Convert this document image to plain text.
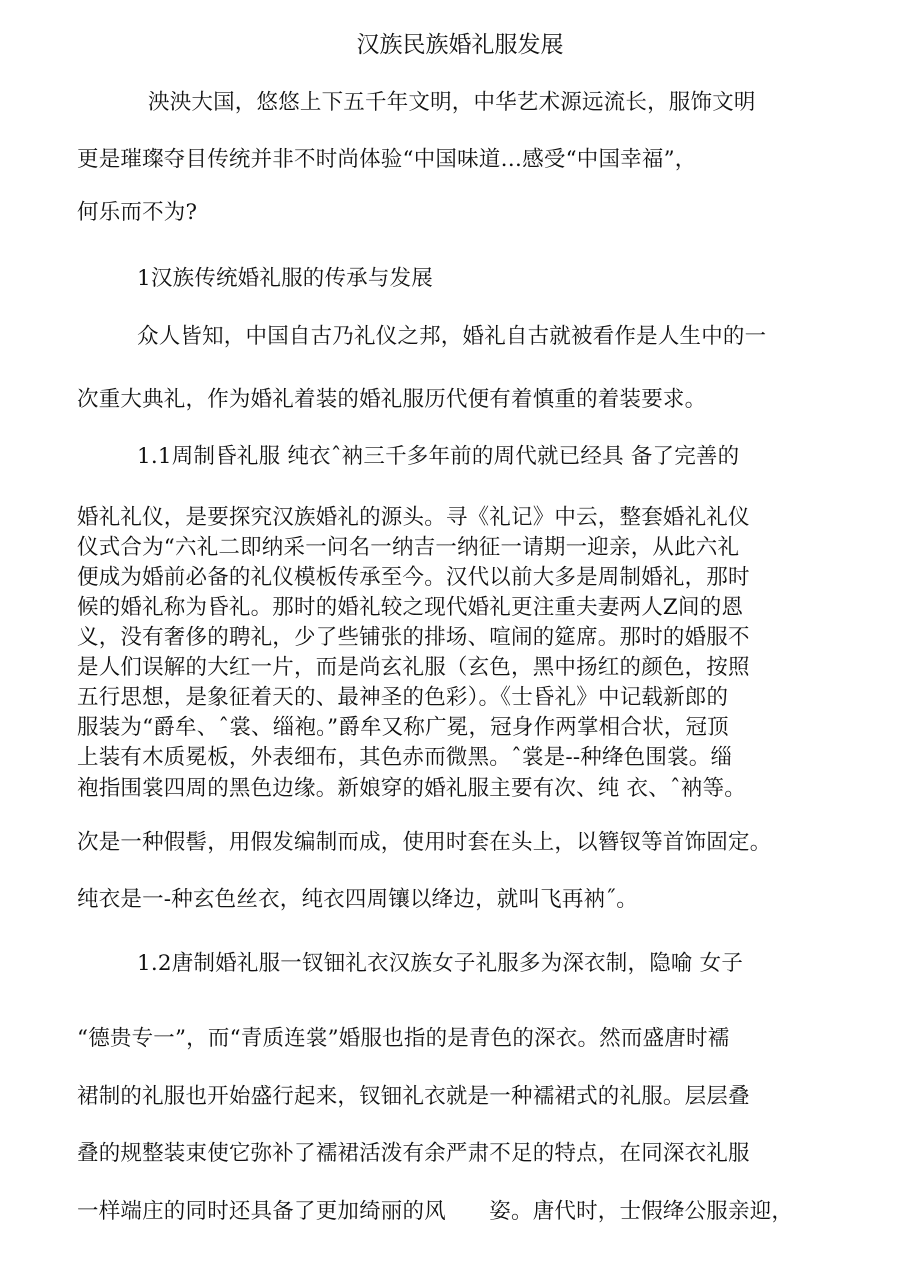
汉族民族婚礼服发展
泱泱大国，悠悠上下五千年文明，中华艺术源远流长，服饰文明
更是璀璨夺目传统并非不时尚体验“中国味道…感受“中国幸福”，
何乐而不为?
1汉族传统婚礼服的传承与发展
众人皆知，中国自古乃礼仪之邦，婚礼自古就被看作是人生中的一
次重大典礼，作为婚礼着装的婚礼服历代便有着慎重的着装要求。
1.1周制昏礼服 纯衣ˆ衲三千多年前的周代就已经具 备了完善的
婚礼礼仪，是要探究汉族婚礼的源头。寻《礼记》中云，整套婚礼礼仪
仪式合为“六礼二即纳采一问名一纳吉一纳征一请期一迎亲，从此六礼
便成为婚前必备的礼仪模板传承至今。汉代以前大多是周制婚礼，那时
候的婚礼称为昏礼。那时的婚礼较之现代婚礼更注重夫妻两人Z间的恩
义，没有奢侈的聘礼，少了些铺张的排场、喧闹的筵席。那时的婚服不
是人们误解的大红一片，而是尚玄礼服（玄色，黑中扬红的颜色，按照
五行思想，是象征着天的、最神圣的色彩）。《士昏礼》中记载新郎的
服装为“爵牟、ˆ裳、缁袍。”爵牟又称广冕，冠身作两掌相合状，冠顶
上装有木质冕板，外表细布，其色赤而微黑。ˆ裳是--种绛色围裳。缁
袍指围裳四周的黑色边缘。新娘穿的婚礼服主要有次、纯 衣、ˆ衲等。
次是一种假髻，用假发编制而成，使用时套在头上，以簪钗等首饰固定。
纯衣是一-种玄色丝衣，纯衣四周镶以绛边，就叫飞再衲˝。
1.2唐制婚礼服一钗钿礼衣汉族女子礼服多为深衣制，隐喻 女子
“德贵专一”，而“青质连裳”婚服也指的是青色的深衣。然而盛唐时襦
裙制的礼服也开始盛行起来，钗钿礼衣就是一种襦裙式的礼服。层层叠
叠的规整装束使它弥补了襦裙活泼有余严肃不足的特点，在同深衣礼服
一样端庄的同时还具备了更加绮丽的风　　姿。唐代时，士假绛公服亲迎，
